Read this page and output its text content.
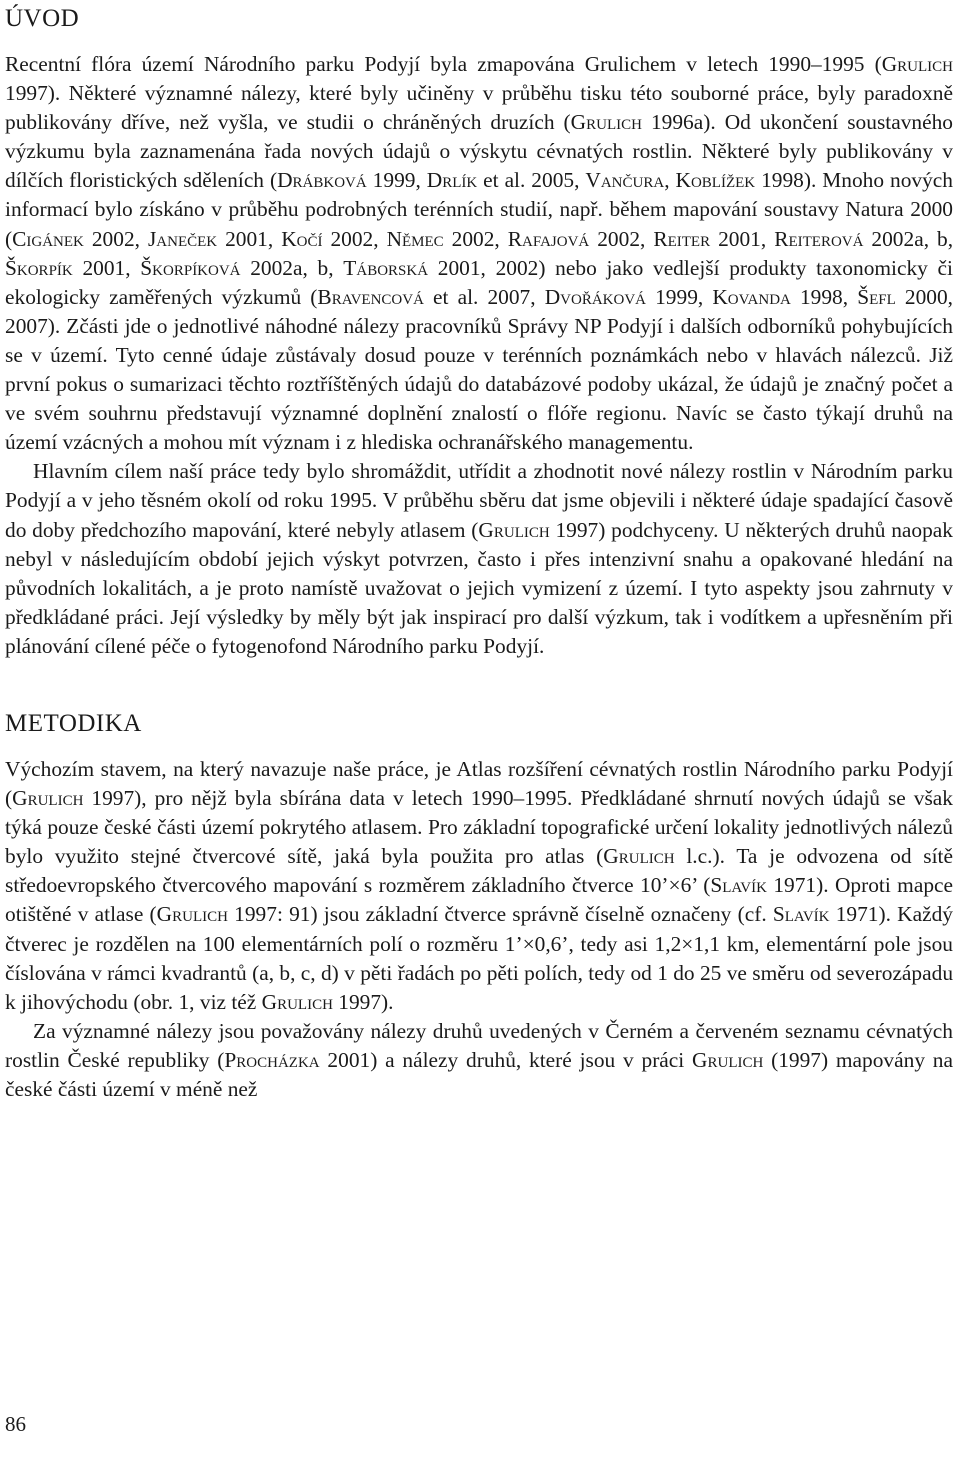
ÚVOD

Recentní flóra území Národního parku Podyjí byla zmapována Grulichem v letech 1990–1995 (Grulich 1997). Některé významné nálezy, které byly učiněny v průběhu tisku této souborné práce, byly paradoxně publikovány dříve, než vyšla, ve studii o chráněných druzích (Grulich 1996a). Od ukončení soustavného výzkumu byla zaznamenána řada nových údajů o výskytu cévnatých rostlin. Některé byly publikovány v dílčích floristických sděleních (Drábková 1999, Drlík et al. 2005, Vančura, Koblížek 1998). Mnoho nových informací bylo získáno v průběhu podrobných terénních studií, např. během mapování soustavy Natura 2000 (Cigánek 2002, Janeček 2001, Kočí 2002, Němec 2002, Rafajová 2002, Reiter 2001, Reiterová 2002a, b, Škorpík 2001, Škorpíková 2002a, b, Táborská 2001, 2002) nebo jako vedlejší produkty taxonomicky či ekologicky zaměřených výzkumů (Bravencová et al. 2007, Dvořáková 1999, Kovanda 1998, Šefl 2000, 2007). Zčásti jde o jednotlivé náhodné nálezy pracovníků Správy NP Podyjí i dalších odborníků pohybujících se v území. Tyto cenné údaje zůstávaly dosud pouze v terénních poznámkách nebo v hlavách nálezců. Již první pokus o sumarizaci těchto roztříštěných údajů do databázové podoby ukázal, že údajů je značný počet a ve svém souhrnu představují významné doplnění znalostí o flóře regionu. Navíc se často týkají druhů na území vzácných a mohou mít význam i z hlediska ochranářského managementu.

Hlavním cílem naší práce tedy bylo shromáždit, utřídit a zhodnotit nové nálezy rostlin v Národním parku Podyjí a v jeho těsném okolí od roku 1995. V průběhu sběru dat jsme objevili i některé údaje spadající časově do doby předchozího mapování, které nebyly atlasem (Grulich 1997) podchyceny. U některých druhů naopak nebyl v následujícím období jejich výskyt potvrzen, často i přes intenzivní snahu a opakované hledání na původních lokalitách, a je proto namístě uvažovat o jejich vymizení z území. I tyto aspekty jsou zahrnuty v předkládané práci. Její výsledky by měly být jak inspirací pro další výzkum, tak i vodítkem a upřesněním při plánování cílené péče o fytogenofond Národního parku Podyjí.

METODIKA

Výchozím stavem, na který navazuje naše práce, je Atlas rozšíření cévnatých rostlin Národního parku Podyjí (Grulich 1997), pro nějž byla sbírána data v letech 1990–1995. Předkládané shrnutí nových údajů se však týká pouze české části území pokrytého atlasem. Pro základní topografické určení lokality jednotlivých nálezů bylo využito stejné čtvercové sítě, jaká byla použita pro atlas (Grulich l.c.). Ta je odvozena od sítě středoevropského čtvercového mapování s rozměrem základního čtverce 10’×6’ (Slavík 1971). Oproti mapce otištěné v atlase (Grulich 1997: 91) jsou základní čtverce správně číselně označeny (cf. Slavík 1971). Každý čtverec je rozdělen na 100 elementárních polí o rozměru 1’×0,6’, tedy asi 1,2×1,1 km, elementární pole jsou číslována v rámci kvadrantů (a, b, c, d) v pěti řadách po pěti polích, tedy od 1 do 25 ve směru od severozápadu k jihovýchodu (obr. 1, viz též Grulich 1997).

Za významné nálezy jsou považovány nálezy druhů uvedených v Černém a červeném seznamu cévnatých rostlin České republiky (Procházka 2001) a nálezy druhů, které jsou v práci Grulich (1997) mapovány na české části území v méně než

86
